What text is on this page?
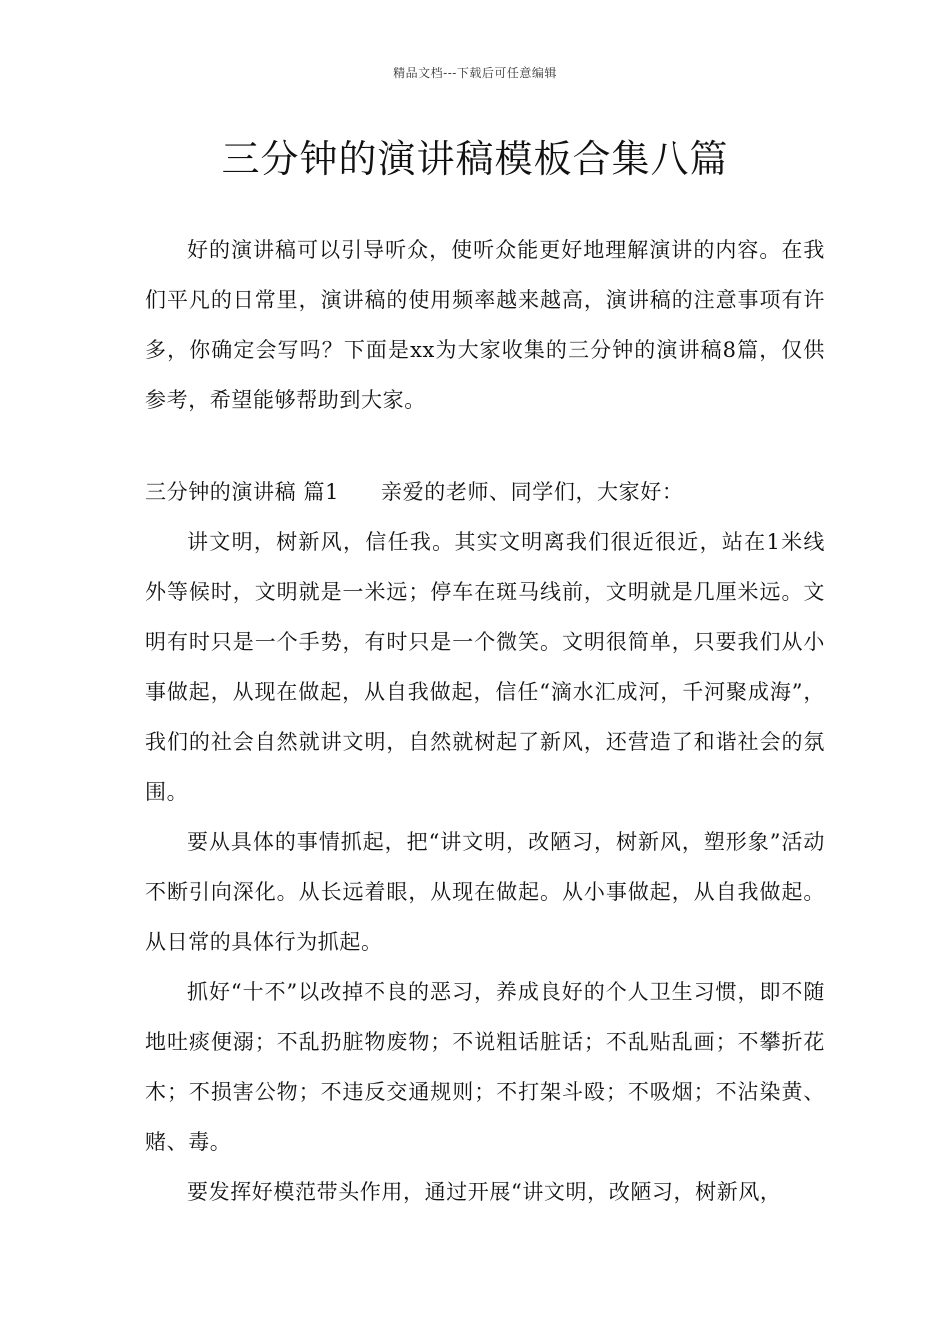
精品文档---下载后可任意编辑
三分钟的演讲稿模板合集八篇

好的演讲稿可以引导听众，使听众能更好地理解演讲的内容。在我们平凡的日常里，演讲稿的使用频率越来越高，演讲稿的注意事项有许多，你确定会写吗？下面是xx为大家收集的三分钟的演讲稿8篇，仅供参考，希望能够帮助到大家。

三分钟的演讲稿 篇1 亲爱的老师、同学们，大家好：

讲文明，树新风，信任我。其实文明离我们很近很近，站在1米线外等候时，文明就是一米远；停车在斑马线前，文明就是几厘米远。文明有时只是一个手势，有时只是一个微笑。文明很简单，只要我们从小事做起，从现在做起，从自我做起，信任“滴水汇成河，千河聚成海”，我们的社会自然就讲文明，自然就树起了新风，还营造了和谐社会的氛围。

要从具体的事情抓起，把“讲文明，改陋习，树新风，塑形象”活动不断引向深化。从长远着眼，从现在做起。从小事做起，从自我做起。从日常的具体行为抓起。

抓好“十不”以改掉不良的恶习，养成良好的个人卫生习惯，即不随地吐痰便溺；不乱扔脏物废物；不说粗话脏话；不乱贴乱画；不攀折花木；不损害公物；不违反交通规则；不打架斗殴；不吸烟；不沾染黄、赌、毒。

要发挥好模范带头作用，通过开展“讲文明，改陋习，树新风，
